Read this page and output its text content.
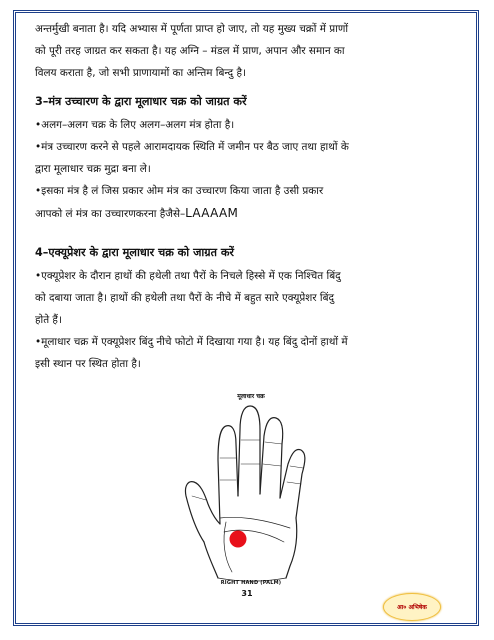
अन्तर्मुखी बनाता है। यदि अभ्यास में पूर्णता प्राप्त हो जाए, तो यह मुख्य चक्रों में प्राणों

को पूरी तरह जाग्रत कर सकता है। यह अग्नि – मंडल में प्राण, अपान और समान का

विलय कराता है, जो सभी प्राणायामों का अन्तिम बिन्दु है।

3–मंत्र उच्चारण के द्वारा मूलाधार चक्र को जाग्रत करें

•अलग–अलग चक्र के लिए अलग–अलग मंत्र होता है।

•मंत्र उच्चारण करने से पहले आरामदायक स्थिति में जमीन पर बैठ जाए तथा हाथों के

द्वारा मूलाधार चक्र मुद्रा बना ले।

•इसका मंत्र है लं जिस प्रकार ओम मंत्र का उच्चारण किया जाता है उसी प्रकार

आपको लं मंत्र का उच्चारणकरना हैजैसे–LAAAAM

4–एक्यूप्रेशर के द्वारा मूलाधार चक्र को जाग्रत करें

•एक्यूप्रेशर के दौरान हाथों की हथेली तथा पैरों के निचले हिस्से में एक निश्चित बिंदु

को दबाया जाता है। हाथों की हथेली तथा पैरों के नीचे में बहुत सारे एक्यूप्रेशर बिंदु

होते हैं।

•मूलाधार चक्र में एक्यूप्रेशर बिंदु नीचे फोटो में दिखाया गया है। यह बिंदु दोनों हाथों में

इसी स्थान पर स्थित होता है।

मूलाधार चक्र
RIGHT HAND (PALM)
31
आ० अभिषेक
